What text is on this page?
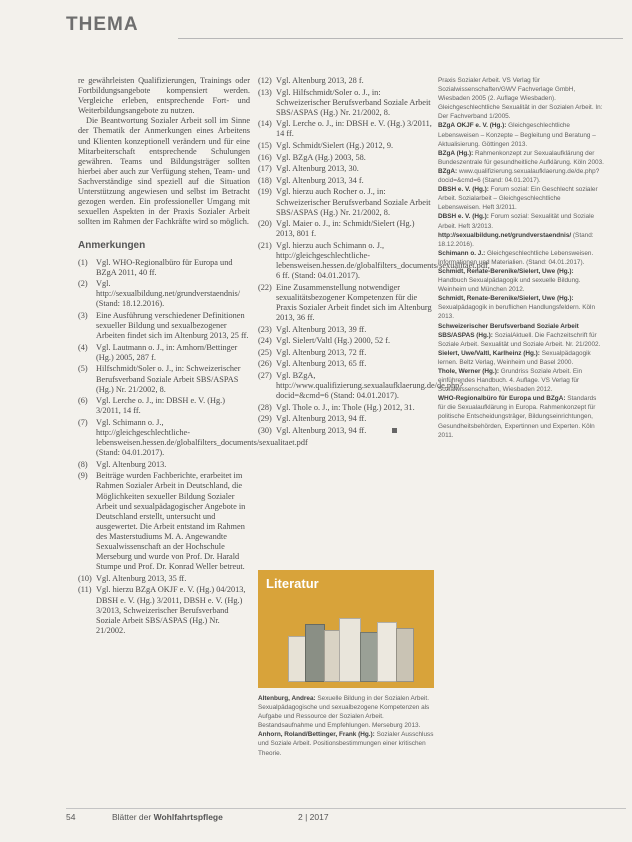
THEMA

re gewährleisten Qualifizierungen, Trainings oder Fortbildungsangebote kompensiert werden. Vergleiche erleben, entsprechende Fort- und Weiterbildungsangebote zu nutzen.

Die Beantwortung Sozialer Arbeit soll im Sinne der Thematik der Anmerkungen eines Arbeitens und Klienten konzeptionell verändern und für eine Mitarbeiterschaft entsprechende Schulungen gewähren. Teams und Bildungsträger sollten hierbei aber auch zur Verfügung stehen, Team- und Sachverständige sind speziell auf die Situation Unterstützung angewiesen und selbst im Betracht gezogen werden. Ein professioneller Umgang mit sexuellen Aspekten in der Praxis Sozialer Arbeit sollten im Rahmen der Fachkräfte wird so möglich.

Anmerkungen
(1) Vgl. WHO-Regionalbüro für Europa und BZgA 2011, 40 ff.
(2) Vgl. http://sexualbildung.net/grundverstaendnis/ (Stand: 18.12.2016).
(3) Eine Ausführung verschiedener Definitionen sexueller Bildung und sexualbezogener Arbeiten findet sich im Altenburg 2013, 25 ff.
(4) Vgl. Lautmann o. J., in: Amhorn/Bettinger (Hg.) 2005, 287 f.
(5) Hilfschmidt/Soler o. J., in: Schweizerischer Berufsverband Soziale Arbeit SBS/ASPAS (Hg.) Nr. 21/2002, 8.
(6) Vgl. Lerche o. J., in: DBSH e. V. (Hg.) 3/2011, 14 ff.
(7) Vgl. Schimann o. J., http://gleichgeschlechtliche-lebensweisen.hessen.de/globalfilters_documents/sexualitaet.pdf (Stand: 04.01.2017).
(8) Vgl. Altenburg 2013.
(9) Beiträge wurden Fachberichte, erarbeitet im Rahmen Sozialer Arbeit in Deutschland, die Möglichkeiten sexueller Bildung Sozialer Arbeit und sexualpädagogischer Angebote in Deutschland erstellt, untersucht und ausgewertet. Die Arbeit entstand im Rahmen des Masterstudiums M. A. Angewandte Sexualwissenschaft an der Hochschule Merseburg und wurde von Prof. Dr. Harald Stumpe und Prof. Dr. Konrad Weller betreut.
(10) Vgl. Altenburg 2013, 35 ff.
(11) Vgl. hierzu BZgA OKJF e. V. (Hg.) 04/2013, DBSH e. V. (Hg.) 3/2011, DBSH e. V. (Hg.) 3/2013, Schweizerischer Berufsverband Soziale Arbeit SBS/ASPAS (Hg.) Nr. 21/2002.
(12) Vgl. Altenburg 2013, 28 f.
(13) Vgl. Hilfschmidt/Soler o. J., in: Schweizerischer Berufsverband Soziale Arbeit SBS/ASPAS (Hg.) Nr. 21/2002, 8.
(14) Vgl. Lerche o. J., in: DBSH e. V. (Hg.) 3/2011, 14 ff.
(15) Vgl. Schmidt/Sielert (Hg.) 2012, 9.
(16) Vgl. BZgA (Hg.) 2003, 58.
(17) Vgl. Altenburg 2013, 30.
(18) Vgl. Altenburg 2013, 34 f.
(19) Vgl. hierzu auch Rocher o. J., in: Schweizerischer Berufsverband Soziale Arbeit SBS/ASPAS (Hg.) Nr. 21/2002, 8.
(20) Vgl. Maier o. J., in: Schmidt/Sielert (Hg.) 2013, 801 f.
(21) Vgl. hierzu auch Schimann o. J., http://gleichgeschlechtliche-lebensweisen.hessen.de/globalfilters_documents/sexualitaet.pdf, 6 ff. (Stand: 04.01.2017).
(22) Eine Zusammenstellung notwendiger sexualitätsbezogener Kompetenzen für die Praxis Sozialer Arbeit findet sich im Altenburg 2013, 36 ff.
(23) Vgl. Altenburg 2013, 39 ff.
(24) Vgl. Sielert/Valtl (Hg.) 2000, 52 f.
(25) Vgl. Altenburg 2013, 72 ff.
(26) Vgl. Altenburg 2013, 65 ff.
(27) Vgl. BZgA, http://www.qualifizierung.sexualaufklaerung.de/de.php?docid=&cmd=6 (Stand: 04.01.2017).
(28) Vgl. Thole o. J., in: Thole (Hg.) 2012, 31.
(29) Vgl. Altenburg 2013, 94 ff.
(30) Vgl. Altenburg 2013, 94 ff.
Literatur

Altenburg, Andrea: Sexuelle Bildung in der Sozialen Arbeit. Sexualpädagogische und sexualbezogene Kompetenzen als Aufgabe und Ressource der Sozialen Arbeit. Bestandsaufnahme und Empfehlungen. Merseburg 2013.

Anhorn, Roland/Bettinger, Frank (Hg.): Sozialer Ausschluss und Soziale Arbeit. Positionsbestimmungen einer kritischen Theorie.

Praxis Sozialer Arbeit. VS Verlag für Sozialwissenschaften/GWV Fachverlage GmbH, Wiesbaden 2005 (2. Auflage Wiesbaden).

Gleichgeschlechtliche Sexualität in der Sozialen Arbeit. In: Der Fachverband 1/2005.

BZgA OKJF e. V. (Hg.): Gleichgeschlechtliche Lebensweisen – Konzepte – Begleitung und Beratung – Aktualisierung. Göttingen 2013.

BZgA (Hg.): Rahmenkonzept zur Sexualaufklärung der Bundeszentrale für gesundheitliche Aufklärung. Köln 2003.

BZgA: www.qualifizierung.sexualaufklaerung.de/de.php?docid=&cmd=6 (Stand: 04.01.2017).

DBSH e. V. (Hg.): Forum sozial: Ein Geschlecht sozialer Arbeit. Sozialarbeit – Gleichgeschlechtliche Lebensweisen. Heft 3/2011.

DBSH e. V. (Hg.): Forum sozial: Sexualität und Soziale Arbeit. Heft 3/2013.

http://sexualbildung.net/grundverstaendnis/ (Stand: 18.12.2016).

Schimann o. J.: Gleichgeschlechtliche Lebensweisen. Informationen und Materialien. (Stand: 04.01.2017).

Schmidt, Renate-Berenike/Sielert, Uwe (Hg.): Handbuch Sexualpädagogik und sexuelle Bildung. Weinheim und München 2012.

Schmidt, Renate-Berenike/Sielert, Uwe (Hg.): Sexualpädagogik in beruflichen Handlungsfeldern. Köln 2013.

Schweizerischer Berufsverband Soziale Arbeit SBS/ASPAS (Hg.): SozialAktuell. Die Fachzeitschrift für Soziale Arbeit. Sexualität und Soziale Arbeit. Nr. 21/2002.

Sielert, Uwe/Valtl, Karlheinz (Hg.): Sexualpädagogik lernen. Beltz Verlag, Weinheim und Basel 2000.

Thole, Werner (Hg.): Grundriss Soziale Arbeit. Ein einführendes Handbuch. 4. Auflage. VS Verlag für Sozialwissenschaften, Wiesbaden 2012.

WHO-Regionalbüro für Europa und BZgA: Standards für die Sexualaufklärung in Europa. Rahmenkonzept für politische Entscheidungsträger, Bildungseinrichtungen, Gesundheitsbehörden, Expertinnen und Experten. Köln 2011.

54	Blätter der Wohlfahrtspflege	2 | 2017
